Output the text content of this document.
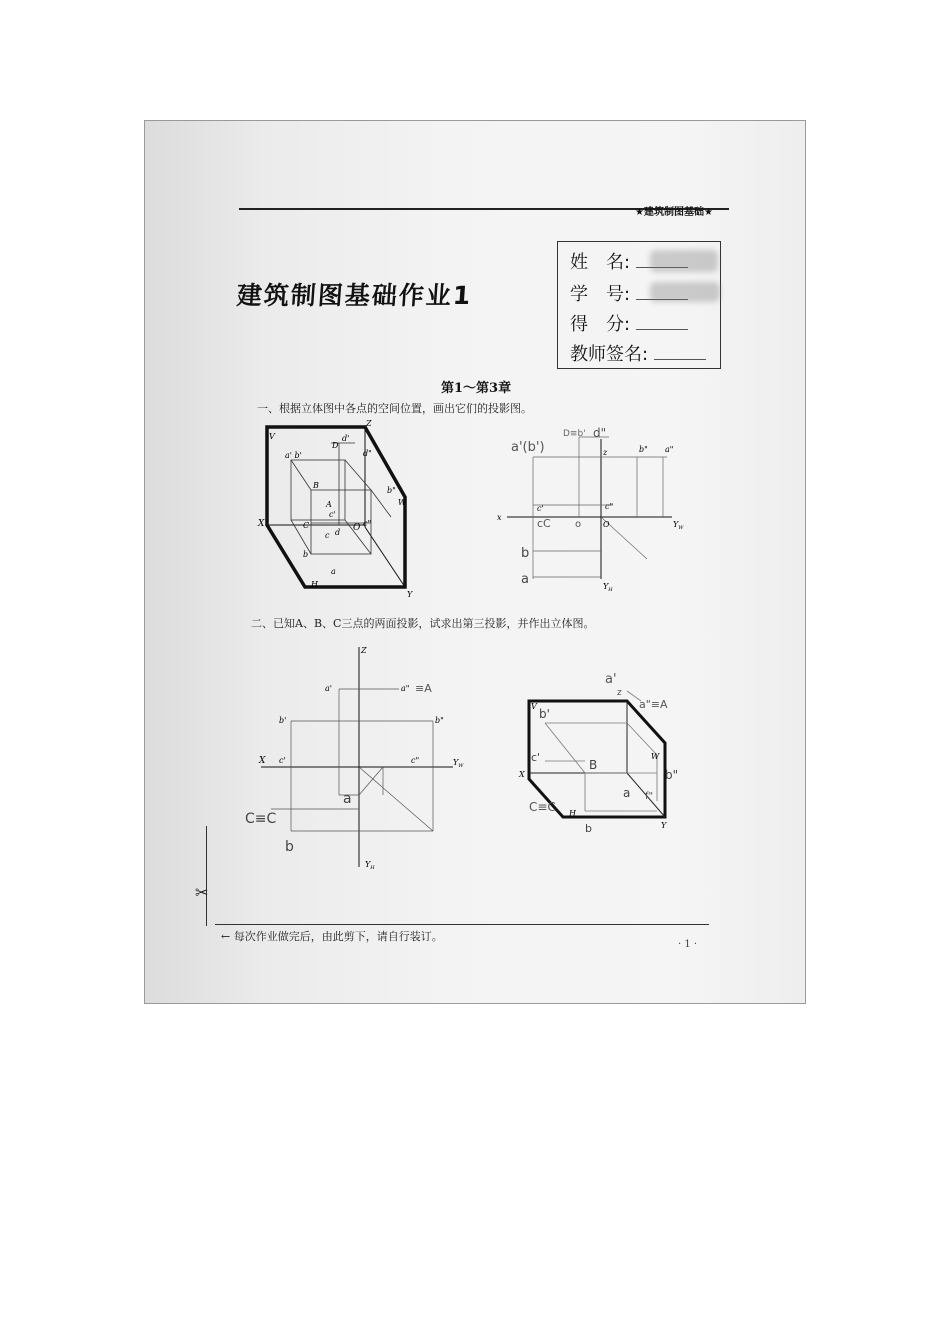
★建筑制图基础★
建筑制图基础作业1
姓　名:
学　号:
得　分:
教师签名:
第1～第3章
一、根据立体图中各点的空间位置，画出它们的投影图。
V
Z
D
d'
d"
a' b'
B
b"
W
c'
A
C	O c"
d
c
X
b
a
H
Y
x
O	$Y_W$
$Y_H$
z
c"
c'
b" a"
a'(b')
D≡b' d"
cC o
b
a
二、已知A、B、C三点的两面投影，试求出第三投影，并作出立体图。
Z
X	$Y_W$
$Y_H$
a'	a" ≡A
b'	b"
c'	c"
a
C≡C
b
V
X
H
W
Y
a'
z
a"≡A
b'
c'
B
b"
a f"
C≡C
b
✂
← 每次作业做完后，由此剪下，请自行装订。
· 1 ·
